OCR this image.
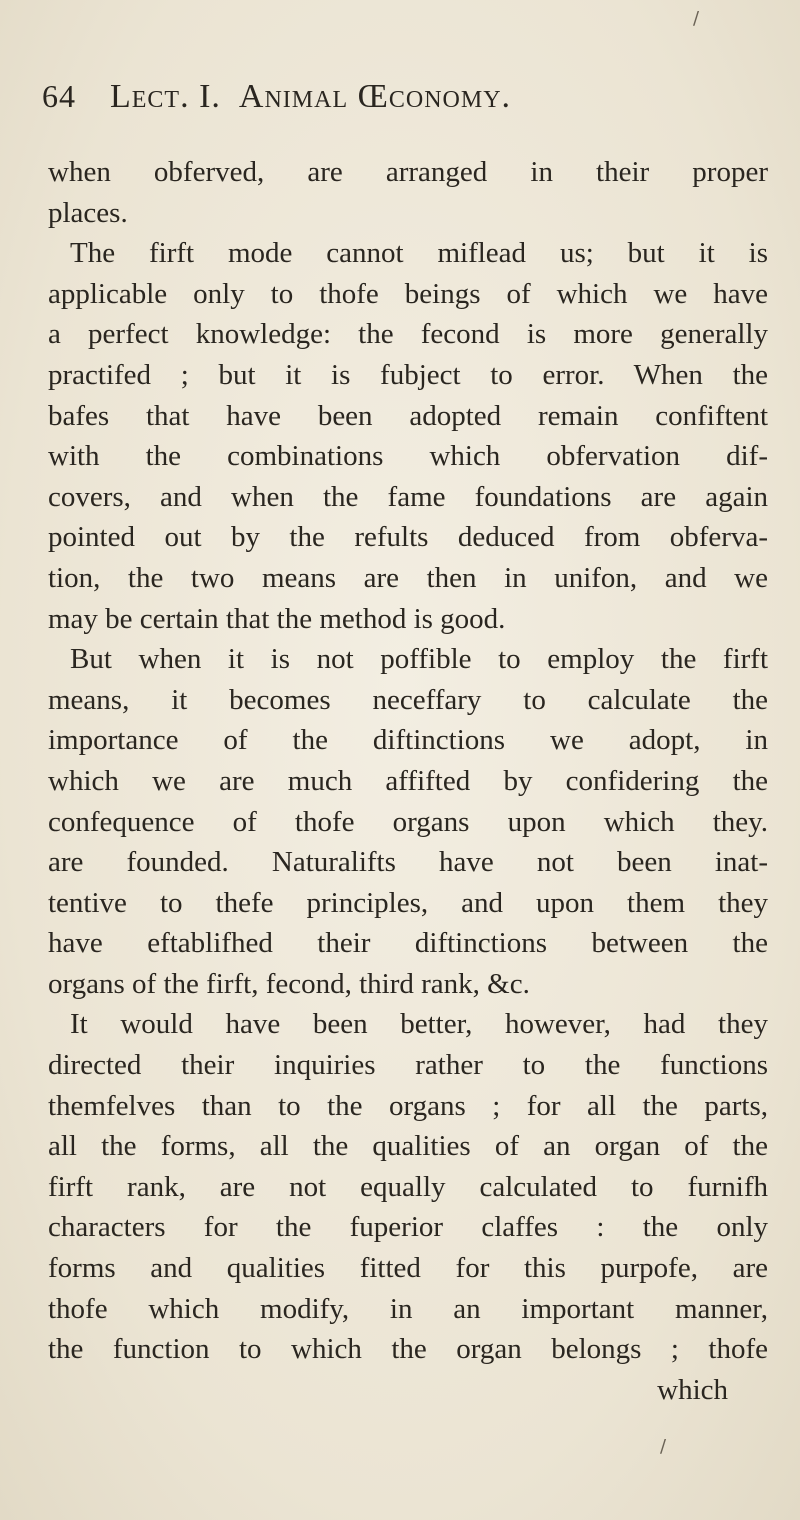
/
64 Lect. I. Animal Œconomy.
when obferved, are arranged in their proper
places.
The firft mode cannot miflead us; but it is
applicable only to thofe beings of which we have
a perfect knowledge: the fecond is more generally
practifed ; but it is fubject to error. When the
bafes that have been adopted remain confiftent
with the combinations which obfervation dif-
covers, and when the fame foundations are again
pointed out by the refults deduced from obferva-
tion, the two means are then in unifon, and we
may be certain that the method is good.
But when it is not poffible to employ the firft
means, it becomes neceffary to calculate the
importance of the diftinctions we adopt, in
which we are much affifted by confidering the
confequence of thofe organs upon which they.
are founded. Naturalifts have not been inat-
tentive to thefe principles, and upon them they
have eftablifhed their diftinctions between the
organs of the firft, fecond, third rank, &c.
It would have been better, however, had they
directed their inquiries rather to the functions
themfelves than to the organs ; for all the parts,
all the forms, all the qualities of an organ of the
firft rank, are not equally calculated to furnifh
characters for the fuperior claffes : the only
forms and qualities fitted for this purpofe, are
thofe which modify, in an important manner,
the function to which the organ belongs ; thofe
which
/
